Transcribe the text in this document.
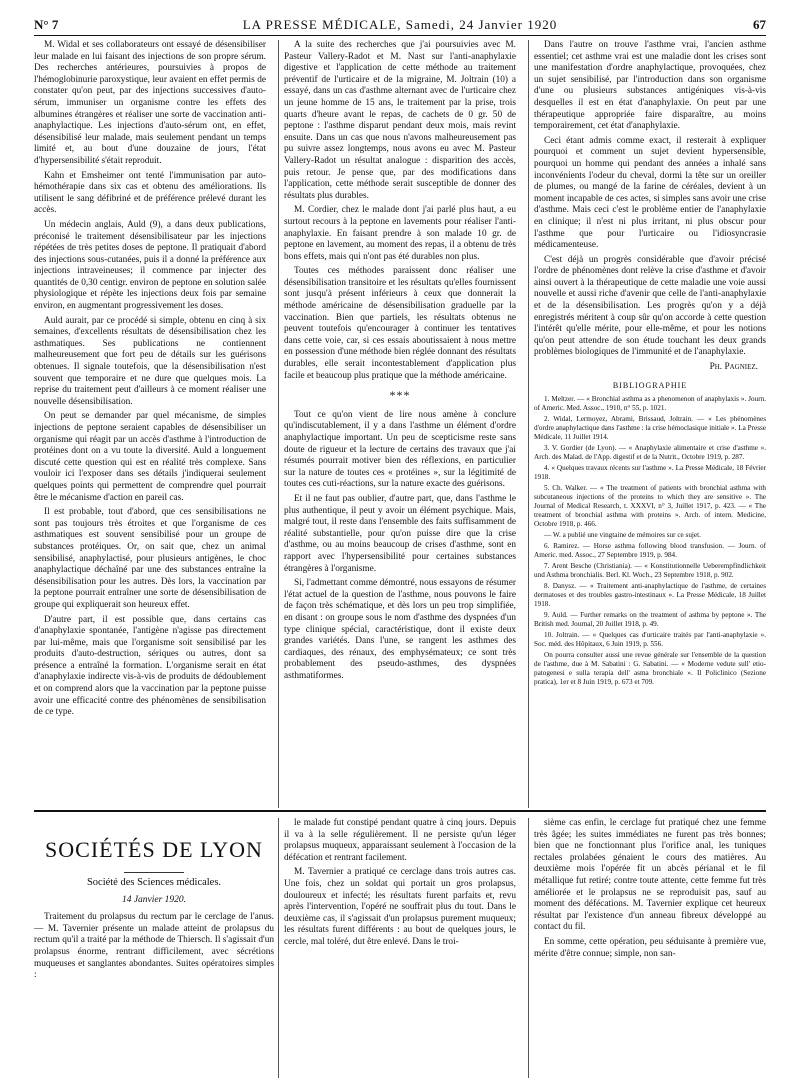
N° 7	LA PRESSE MÉDICALE, Samedi, 24 Janvier 1920	67

M. Widal et ses collaborateurs ont essayé de désensibiliser leur malade en lui faisant des injections de son propre sérum. Des recherches antérieures, poursuivies à propos de l'hémoglobinurie paroxystique, leur avaient en effet permis de constater qu'on peut, par des injections successives d'auto-sérum, immuniser un organisme contre les effets des albumines étrangères et réaliser une sorte de vaccination anti-anaphylactique. Les injections d'auto-sérum ont, en effet, désensibilisé leur malade, mais seulement pendant un temps limité et, au bout d'une douzaine de jours, l'état d'hypersensibilité s'était reproduit.

Kahn et Emsheimer ont tenté l'immunisation par auto-hémothérapie dans six cas et obtenu des améliorations. Ils utilisent le sang défibriné et de préférence prélevé durant les accès.

Un médecin anglais, Auld (9), a dans deux publications, préconisé le traitement désensibilisateur par les injections répétées de très petites doses de peptone. Il pratiquait d'abord des injections sous-cutanées, puis il a donné la préférence aux injections intraveineuses; il commence par injecter des quantités de 0,30 centigr. environ de peptone en solution salée physiologique et répète les injections deux fois par semaine environ, en augmentant progressivement les doses.

Auld aurait, par ce procédé si simple, obtenu en cinq à six semaines, d'excellents résultats de désensibilisation chez les asthmatiques. Ses publications ne contiennent malheureusement que fort peu de détails sur les guérisons obtenues. Il signale toutefois, que la désensibilisation n'est souvent que temporaire et ne dure que quelques mois. La reprise du traitement peut d'ailleurs à ce moment réaliser une nouvelle désensibilisation.

On peut se demander par quel mécanisme, de simples injections de peptone seraient capables de désensibiliser un organisme qui réagit par un accès d'asthme à l'introduction de protéines dont on a vu toute la diversité. Auld a longuement discuté cette question qui est en réalité très complexe. Sans vouloir ici l'exposer dans ses détails j'indiquerai seulement quelques points qui permettent de comprendre quel pourrait être le mécanisme d'action en pareil cas.

Il est probable, tout d'abord, que ces sensibilisations ne sont pas toujours très étroites et que l'organisme de ces asthmatiques est souvent sensibilisé pour un groupe de substances protéiques. Or, on sait que, chez un animal sensibilisé, anaphylactisé, pour plusieurs antigènes, le choc anaphylactique déchaîné par une des substances entraîne la désensibilisation pour les autres. Dès lors, la vaccination par la peptone pourrait entraîner une sorte de désensibilisation de groupe qui expliquerait son heureux effet.

D'autre part, il est possible que, dans certains cas d'anaphylaxie spontanée, l'antigène n'agisse pas directement par lui-même, mais que l'organisme soit sensibilisé par les produits d'auto-destruction, sériques ou autres, dont sa présence a entraîné la formation. L'organisme serait en état d'anaphylaxie indirecte vis-à-vis de produits de dédoublement et on comprend alors que la vaccination par la peptone puisse avoir une efficacité contre des phénomènes de sensibilisation de ce type.

A la suite des recherches que j'ai poursuivies avec M. Pasteur Vallery-Radot et M. Nast sur l'anti-anaphylaxie digestive et l'application de cette méthode au traitement préventif de l'urticaire et de la migraine, M. Joltrain (10) a essayé, dans un cas d'asthme alternant avec de l'urticaire chez un jeune homme de 15 ans, le traitement par la prise, trois quarts d'heure avant le repas, de cachets de 0 gr. 50 de peptone : l'asthme disparut pendant deux mois, mais revint ensuite. Dans un cas que nous n'avons malheureusement pas pu suivre assez longtemps, nous avons eu avec M. Pasteur Vallery-Radot un résultat analogue : disparition des accès, puis retour. Je pense que, par des modifications dans l'application, cette méthode serait susceptible de donner des résultats plus durables.

M. Cordier, chez le malade dont j'ai parlé plus haut, a eu surtout recours à la peptone en lavements pour réaliser l'anti-anaphylaxie. En faisant prendre à son malade 10 gr. de peptone en lavement, au moment des repas, il a obtenu de très bons effets, mais qui n'ont pas été durables non plus.

Toutes ces méthodes paraissent donc réaliser une désensibilisation transitoire et les résultats qu'elles fournissent sont jusqu'à présent inférieurs à ceux que donnerait la méthode américaine de désensibilisation graduelle par la vaccination. Bien que partiels, les résultats obtenus ne peuvent toutefois qu'encourager à continuer les tentatives dans cette voie, car, si ces essais aboutissaient à nous mettre en possession d'une méthode bien réglée donnant des résultats durables, elle serait incontestablement d'application plus facile et beaucoup plus pratique que la méthode américaine.

***

Tout ce qu'on vient de lire nous amène à conclure qu'indiscutablement, il y a dans l'asthme un élément d'ordre anaphylactique important. Un peu de scepticisme reste sans doute de rigueur et la lecture de certains des travaux que j'ai résumés pourrait motiver bien des réflexions, en particulier sur la nature de toutes ces « protéines », sur la légitimité de toutes ces cuti-réactions, sur la nature exacte des guérisons.

Et il ne faut pas oublier, d'autre part, que, dans l'asthme le plus authentique, il peut y avoir un élément psychique. Mais, malgré tout, il reste dans l'ensemble des faits suffisamment de réalité substantielle, pour qu'on puisse dire que la crise d'asthme, ou au moins beaucoup de crises d'asthme, sont en rapport avec l'hypersensibilité pour certaines substances étrangères à l'organisme.

Si, l'admettant comme démontré, nous essayons de résumer l'état actuel de la question de l'asthme, nous pouvons le faire de façon très schématique, et dès lors un peu trop simplifiée, en disant : on groupe sous le nom d'asthme des dyspnées d'un type clinique spécial, caractéristique, dont il existe deux grandes variétés. Dans l'une, se rangent les asthmes des cardiaques, des rénaux, des emphysémateux; ce sont très probablement des pseudo-asthmes, des dyspnées asthmatiformes.

Dans l'autre on trouve l'asthme vrai, l'ancien asthme essentiel; cet asthme vrai est une maladie dont les crises sont une manifestation d'ordre anaphylactique, provoquées, chez un sujet sensibilisé, par l'introduction dans son organisme d'une ou plusieurs substances antigéniques vis-à-vis desquelles il est en état d'anaphylaxie. On peut par une thérapeutique appropriée faire disparaître, au moins temporairement, cet état d'anaphylaxie.

Ceci étant admis comme exact, il resterait à expliquer pourquoi et comment un sujet devient hypersensible, pourquoi un homme qui pendant des années a inhalé sans inconvénients l'odeur du cheval, dormi la tête sur un oreiller de plumes, ou mangé de la farine de céréales, devient à un moment incapable de ces actes, si simples sans avoir une crise d'asthme. Mais ceci c'est le problème entier de l'anaphylaxie en clinique; il n'est ni plus irritant, ni plus obscur pour l'asthme que pour l'urticaire ou l'idiosyncrasie médicamenteuse.

C'est déjà un progrès considérable que d'avoir précisé l'ordre de phénomènes dont relève la crise d'asthme et d'avoir ainsi ouvert à la thérapeutique de cette maladie une voie aussi nouvelle et aussi riche d'avenir que celle de l'anti-anaphylaxie et de la désensibilisation. Les progrès qu'on y a déjà enregistrés méritent à coup sûr qu'on accorde à cette question l'intérêt qu'elle mérite, pour elle-même, et pour les notions qu'on peut attendre de son étude touchant les deux grands problèmes biologiques de l'immunité et de l'anaphylaxie.

Ph. Pagniez.

BIBLIOGRAPHIE

1. Meltzer. — « Bronchial asthma as a phenomenon of anaphylaxis ». Journ. of Americ. Med. Assoc., 1910, n° 55, p. 1021.

2. Widal, Lermoyez, Abrami, Brissaud, Joltrain. — « Les phénomènes d'ordre anaphylactique dans l'asthme : la crise hémoclasique initiale ». La Presse Médicale, 11 Juillet 1914.

3. V. Gordier (de Lyon). — « Anaphylaxie alimentaire et crise d'asthme ». Arch. des Malad. de l'App. digestif et de la Nutrit., Octobre 1919, p. 287.

4. « Quelques travaux récents sur l'asthme ». La Presse Médicale, 18 Février 1918.

5. Ch. Walker. — « The treatment of patients with bronchial asthma with subcutaneous injections of the proteins to which they are sensitive ». The Journal of Medical Research, t. XXXVI, n° 3, Juillet 1917, p. 423. — « The treatment of bronchial asthma with proteins ». Arch. of intern. Medicine, Octobre 1918, p. 466.

— W. a publié une vingtaine de mémoires sur ce sujet.

6. Ramirez. — Horse asthma following blood transfusion. — Journ. of Americ. med. Assoc., 27 Septembre 1919, p. 984.

7. Arent Besche (Christiania). — « Konstitutionnelle Ueberempfindlichkeit und Asthma bronchialis. Berl. Kl. Woch., 23 Septembre 1918, p. 902.

8. Danysz. — « Traitement anti-anaphylactique de l'asthme, de certaines dermatoses et des troubles gastro-intestinaux ». La Presse Médicale, 18 Juillet 1918.

9. Auld. — Further remarks on the treatment of asthma by peptone ». The British med. Journal, 20 Juillet 1918, p. 49.

10. Joltrain. — « Quelques cas d'urticaire traités par l'anti-anaphylaxie ». Soc. méd. des Hôpitaux, 6 Juin 1919, p. 556.

On pourra consulter aussi une revue générale sur l'ensemble de la question de l'asthme, due à M. Sabatini : G. Sabatini. — « Moderne vedute sull' etio-patogenesi e sulla terapia dell' asma bronchiale ». Il Policlinico (Sezione pratica), 1er et 8 Juin 1919, p. 673 et 709.

SOCIÉTÉS DE LYON
Société des Sciences médicales.
14 Janvier 1920.

Traitement du prolapsus du rectum par le cerclage de l'anus. — M. Tavernier présente un malade atteint de prolapsus du rectum qu'il a traité par la méthode de Thiersch. Il s'agissait d'un prolapsus énorme, rentrant difficilement, avec sécrétions muqueuses et sanglantes abondantes. Suites opératoires simples :

le malade fut constipé pendant quatre à cinq jours. Depuis il va à la selle régulièrement. Il ne persiste qu'un léger prolapsus muqueux, apparaissant seulement à l'occasion de la défécation et rentrant facilement.

M. Tavernier a pratiqué ce cerclage dans trois autres cas. Une fois, chez un soldat qui portait un gros prolapsus, douloureux et infecté; les résultats furent parfaits et, revu après l'intervention, l'opéré ne souffrait plus du tout. Dans le deuxième cas, il s'agissait d'un prolapsus purement muqueux; les résultats furent différents : au bout de quelques jours, le cercle, mal toléré, dut être enlevé. Dans le troi-

sième cas enfin, le cerclage fut pratiqué chez une femme très âgée; les suites immédiates ne furent pas très bonnes; bien que ne fonctionnant plus l'orifice anal, les tuniques rectales prolabées génaient le cours des matières. Au deuxième mois l'opérée fit un abcès périanal et le fil métallique fut retiré; contre toute attente, cette femme fut très améliorée et le prolapsus ne se reproduisit pas, sauf au moment des défécations. M. Tavernier explique cet heureux résultat par l'existence d'un anneau fibreux développé au contact du fil.

En somme, cette opération, peu séduisante à première vue, mérite d'être connue; simple, non san-
